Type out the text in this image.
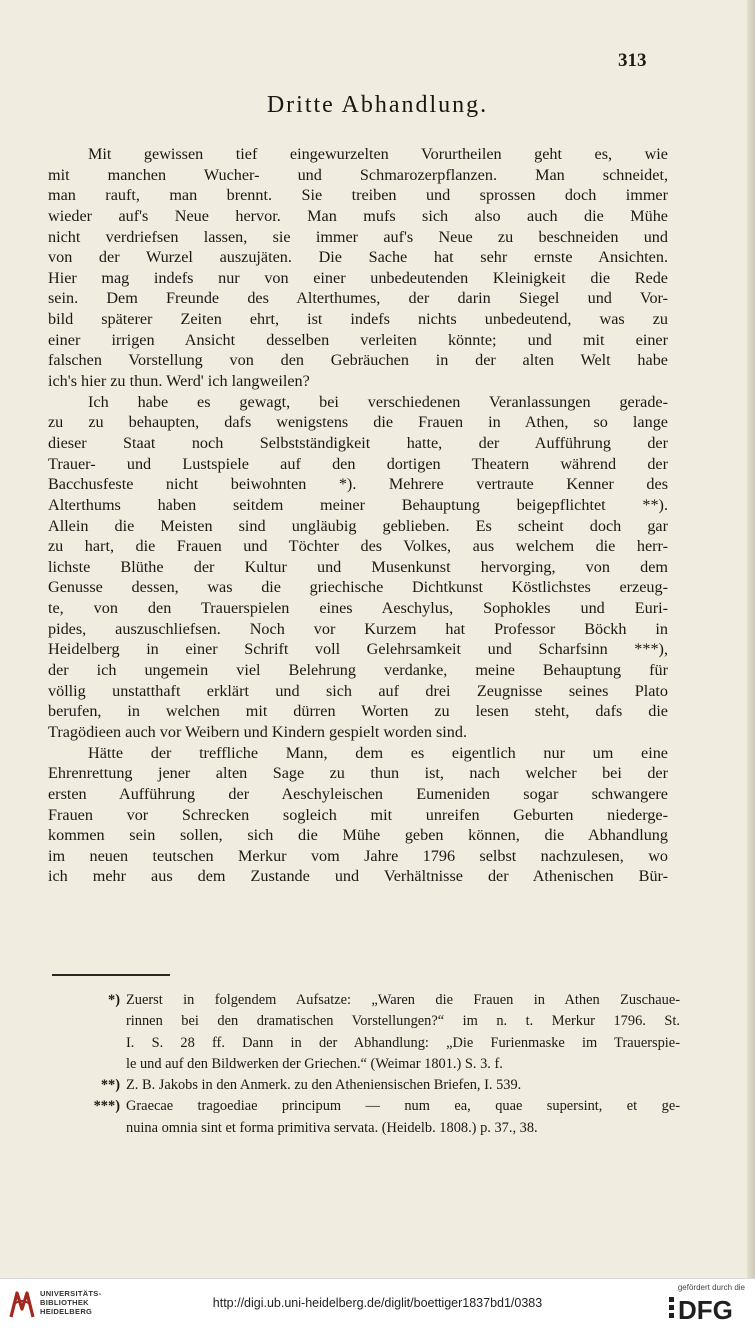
313
Dritte Abhandlung.
Mit gewissen tief eingewurzelten Vorurtheilen geht es, wie
mit manchen Wucher- und Schmarozerpflanzen. Man schneidet,
man rauft, man brennt. Sie treiben und sprossen doch immer
wieder auf's Neue hervor. Man mufs sich also auch die Mühe
nicht verdriefsen lassen, sie immer auf's Neue zu beschneiden und
von der Wurzel auszujäten. Die Sache hat sehr ernste Ansichten.
Hier mag indefs nur von einer unbedeutenden Kleinigkeit die Rede
sein. Dem Freunde des Alterthumes, der darin Siegel und Vor-
bild späterer Zeiten ehrt, ist indefs nichts unbedeutend, was zu
einer irrigen Ansicht desselben verleiten könnte; und mit einer
falschen Vorstellung von den Gebräuchen in der alten Welt habe
ich's hier zu thun. Werd' ich langweilen?
Ich habe es gewagt, bei verschiedenen Veranlassungen gerade-
zu zu behaupten, dafs wenigstens die Frauen in Athen, so lange
dieser Staat noch Selbstständigkeit hatte, der Aufführung der
Trauer- und Lustspiele auf den dortigen Theatern während der
Bacchusfeste nicht beiwohnten *). Mehrere vertraute Kenner des
Alterthums haben seitdem meiner Behauptung beigepflichtet **).
Allein die Meisten sind ungläubig geblieben. Es scheint doch gar
zu hart, die Frauen und Töchter des Volkes, aus welchem die herr-
lichste Blüthe der Kultur und Musenkunst hervorging, von dem
Genusse dessen, was die griechische Dichtkunst Köstlichstes erzeug-
te, von den Trauerspielen eines Aeschylus, Sophokles und Euri-
pides, auszuschliefsen. Noch vor Kurzem hat Professor Böckh in
Heidelberg in einer Schrift voll Gelehrsamkeit und Scharfsinn ***),
der ich ungemein viel Belehrung verdanke, meine Behauptung für
völlig unstatthaft erklärt und sich auf drei Zeugnisse seines Plato
berufen, in welchen mit dürren Worten zu lesen steht, dafs die
Tragödieen auch vor Weibern und Kindern gespielt worden sind.
Hätte der treffliche Mann, dem es eigentlich nur um eine
Ehrenrettung jener alten Sage zu thun ist, nach welcher bei der
ersten Aufführung der Aeschyleischen Eumeniden sogar schwangere
Frauen vor Schrecken sogleich mit unreifen Geburten niederge-
kommen sein sollen, sich die Mühe geben können, die Abhandlung
im neuen teutschen Merkur vom Jahre 1796 selbst nachzulesen, wo
ich mehr aus dem Zustande und Verhältnisse der Athenischen Bür-
*) Zuerst in folgendem Aufsatze: „Waren die Frauen in Athen Zuschaue-
rinnen bei den dramatischen Vorstellungen?“ im n. t. Merkur 1796. St.
I. S. 28 ff. Dann in der Abhandlung: „Die Furienmaske im Trauerspie-
le und auf den Bildwerken der Griechen.“ (Weimar 1801.) S. 3. f.
**) Z. B. Jakobs in den Anmerk. zu den Atheniensischen Briefen, I. 539.
***) Graecae tragoediae principum — num ea, quae supersint, et ge-
nuina omnia sint et forma primitiva servata. (Heidelb. 1808.) p. 37., 38.
UNIVERSITÄTS-
BIBLIOTHEK
HEIDELBERG
http://digi.ub.uni-heidelberg.de/diglit/boettiger1837bd1/0383
gefördert durch die
DFG
